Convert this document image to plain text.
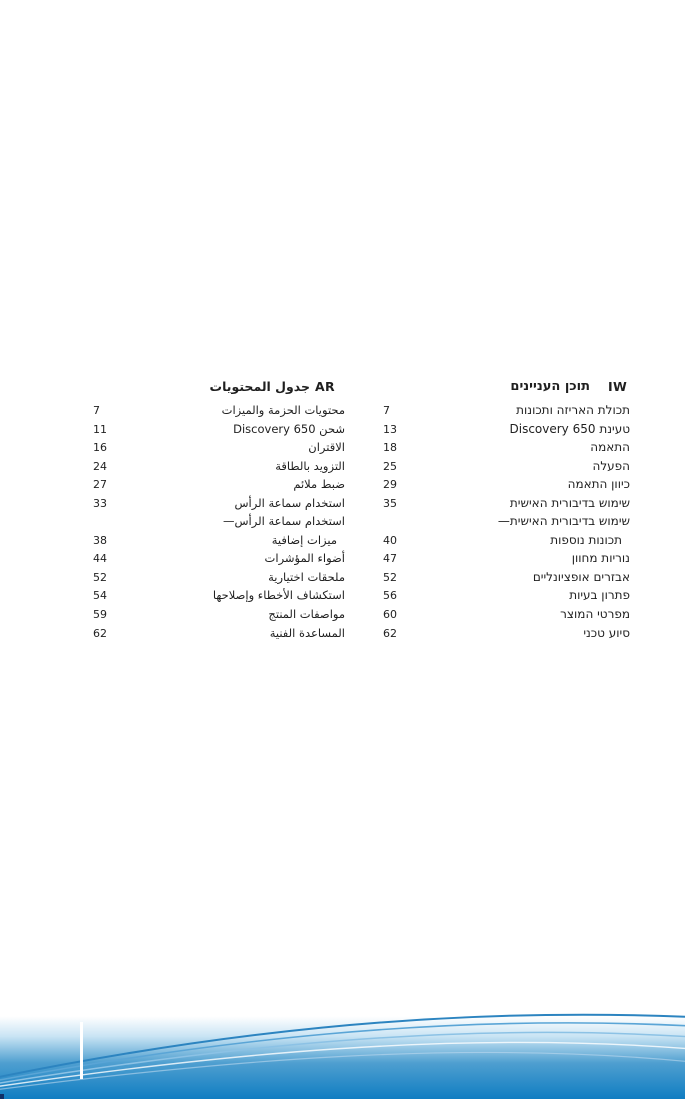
תוכן העניינים IW
7	תכולת האריזה ותכונות
13	טעינת Discovery 650
18	התאמה
25	הפעלה
29	כיוון התאמה
35	שימוש בדיבורית האישית
שימוש בדיבורית האישית—
40	תכונות נוספות
47	נוריות מחוון
52	אבזרים אופציונליים
56	פתרון בעיות
60	מפרטי המוצר
62	סיוע טכני
جدول المحتويات AR
7	محتويات الحزمة والميزات
11	شحن Discovery 650
16	الاقتران
24	التزويد بالطاقة
27	ضبط ملائم
33	استخدام سماعة الرأس
استخدام سماعة الرأس—
38	ميزات إضافية
44	أضواء المؤشرات
52	ملحقات اختيارية
54	استكشاف الأخطاء وإصلاحها
59	مواصفات المنتج
62	المساعدة الفنية
